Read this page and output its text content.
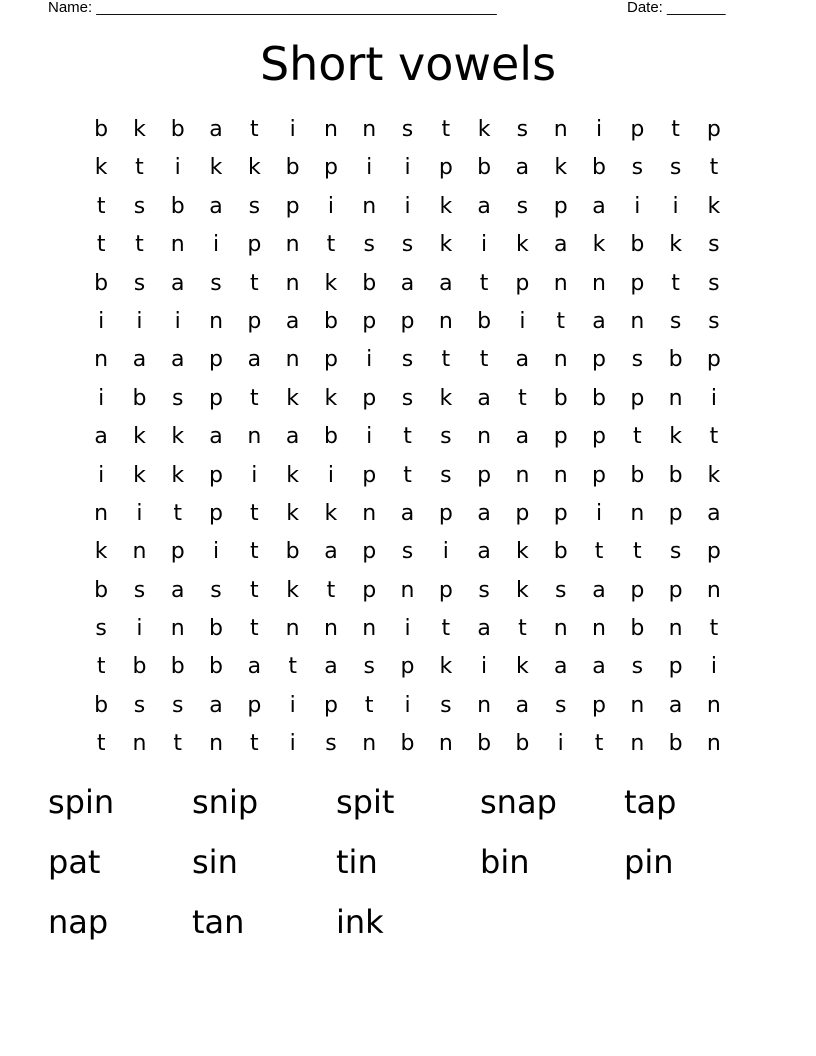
Name: ________________________________________________	Date: _______
Short vowels
b	k	b	a	t	i	n	n	s	t	k	s	n	i	p	t	p
k	t	i	k	k	b	p	i	i	p	b	a	k	b	s	s	t
t	s	b	a	s	p	i	n	i	k	a	s	p	a	i	i	k
t	t	n	i	p	n	t	s	s	k	i	k	a	k	b	k	s
b	s	a	s	t	n	k	b	a	a	t	p	n	n	p	t	s
i	i	i	n	p	a	b	p	p	n	b	i	t	a	n	s	s
n	a	a	p	a	n	p	i	s	t	t	a	n	p	s	b	p
i	b	s	p	t	k	k	p	s	k	a	t	b	b	p	n	i
a	k	k	a	n	a	b	i	t	s	n	a	p	p	t	k	t
i	k	k	p	i	k	i	p	t	s	p	n	n	p	b	b	k
n	i	t	p	t	k	k	n	a	p	a	p	p	i	n	p	a
k	n	p	i	t	b	a	p	s	i	a	k	b	t	t	s	p
b	s	a	s	t	k	t	p	n	p	s	k	s	a	p	p	n
s	i	n	b	t	n	n	n	i	t	a	t	n	n	b	n	t
t	b	b	b	a	t	a	s	p	k	i	k	a	a	s	p	i
b	s	s	a	p	i	p	t	i	s	n	a	s	p	n	a	n
t	n	t	n	t	i	s	n	b	n	b	b	i	t	n	b	n
spin	snip	spit	snap	tap
pat	sin	tin	bin	pin
nap	tan	ink
